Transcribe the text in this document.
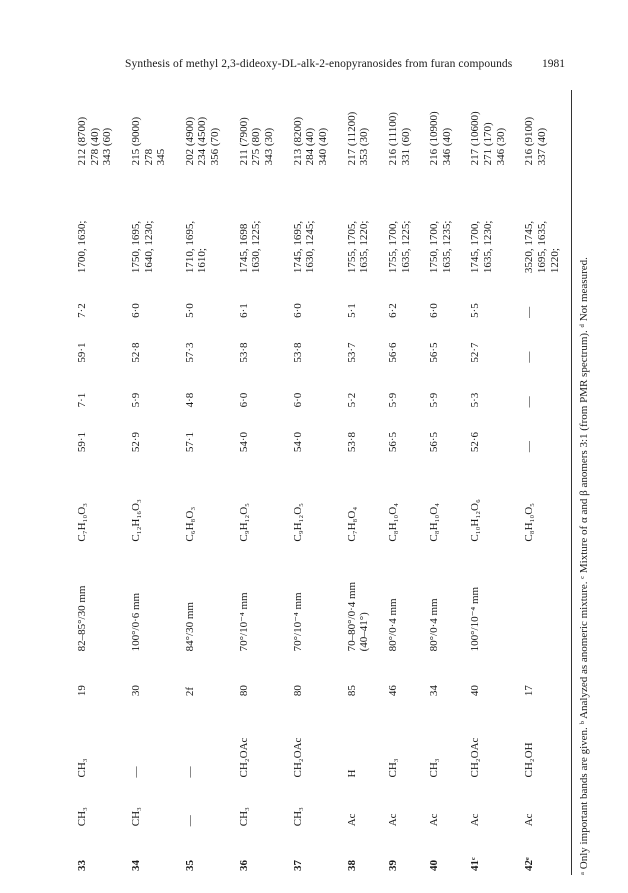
Synthesis of methyl 2,3-dideoxy-DL-alk-2-enopyranosides from furan compounds	1981
33	CH₃	CH₃	19	82–85°/30 mm	C₇H₁₀O₃	59·1	7·1	59·1	7·2	1700, 1630;	212 (8700) 278 (40) 343 (60)

34	CH₃	—	30	100°/0·6 mm	C₁₂H₁₆O₃	52·9	5·9	52·8	6·0	1750, 1695, 1640, 1230;	215 (9000) 278 345

35	—	—	2f	84°/30 mm	C₆H₈O₃	57·1	4·8	57·3	5·0	1710, 1695, 1610;	202 (4900) 234 (4500) 356 (70)

36	CH₃	CH₂OAc	80	70°/10⁻⁴ mm	C₉H₁₂O₅	54·0	6·0	53·8	6·1	1745, 1698 1630, 1225;	211 (7900) 275 (80) 343 (30)

37	CH₃	CH₂OAc	80	70°/10⁻⁴ mm	C₉H₁₂O₅	54·0	6·0	53·8	6·0	1745, 1695, 1630, 1245;	213 (8200) 284 (40) 340 (40)

38	Ac	H	85	70–80°/0·4 mm (40–41°)	C₇H₈O₄	53·8	5·2	53·7	5·1	1755, 1705, 1635, 1220;	217 (11200) 353 (30)

39	Ac	CH₃	46	80°/0·4 mm	C₈H₁₀O₄	56·5	5·9	56·6	6·2	1755, 1700, 1635, 1225;	216 (11100) 331 (60)

40	Ac	CH₃	34	80°/0·4 mm	C₈H₁₀O₄	56·5	5·9	56·5	6·0	1750, 1700, 1635, 1235;	216 (10900) 346 (40)

41ᶜ	Ac	CH₂OAc	40	100°/10⁻⁴ mm	C₁₀H₁₂O₆	52·6	5·3	52·7	5·5	1745, 1700, 1635, 1230;	217 (10600) 271 (170) 346 (30)

42ᵉ	Ac	CH₂OH	17		C₈H₁₀O₅	—	—	—	—	3520, 1745, 1695, 1635, 1220;	216 (9100) 337 (40)
ᵃ Only important bands are given. ᵇ Analyzed as anomeric mixture. ᶜ Mixture of α and β anomers 3:1 (from PMR spectrum). ᵈ Not measured.
